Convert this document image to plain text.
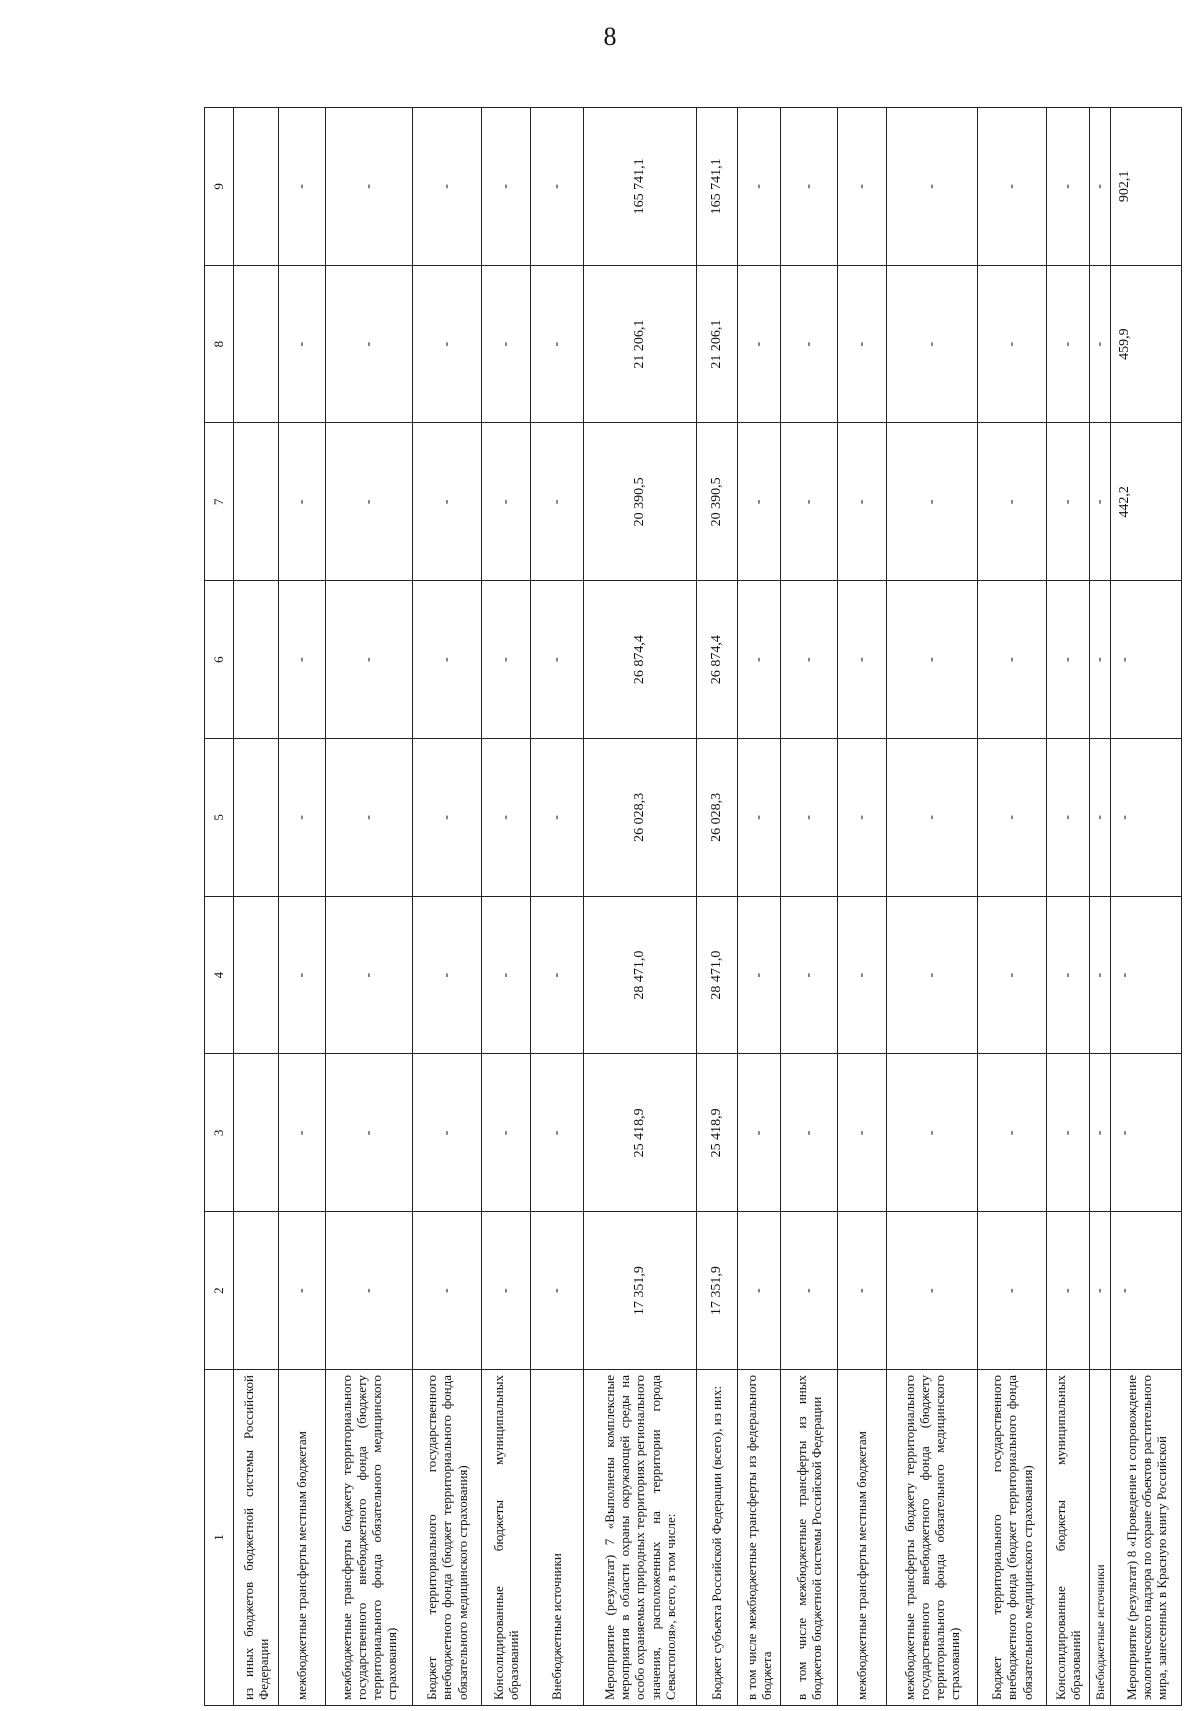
8
1	2	3	4	5	6	7	8	9
из иных бюджетов бюджетной системы Российской Федерации								
межбюджетные трансферты местным бюджетам	-	-	-	-	-	-	-	-
межбюджетные трансферты бюджету территориального государственного внебюджетного фонда (бюджету территориального фонда обязательного медицинского страхования)	-	-	-	-	-	-	-	-
Бюджет территориального государственного внебюджетного фонда (бюджет территориального фонда обязательного медицинского страхования)	-	-	-	-	-	-	-	-
Консолидированные бюджеты муниципальных образований	-	-	-	-	-	-	-	-
Внебюджетные источники	-	-	-	-	-	-	-	-
Мероприятие (результат) 7 «Выполнены комплексные мероприятия в области охраны окружающей среды на особо охраняемых природных территориях регионального значения, расположенных на территории города Севастополя», всего, в том числе:	17 351,9	25 418,9	28 471,0	26 028,3	26 874,4	20 390,5	21 206,1	165 741,1
Бюджет субъекта Российской Федерации (всего), из них:	17 351,9	25 418,9	28 471,0	26 028,3	26 874,4	20 390,5	21 206,1	165 741,1
в том числе межбюджетные трансферты из федерального бюджета	-	-	-	-	-	-	-	-
в том числе межбюджетные трансферты из иных бюджетов бюджетной системы Российской Федерации	-	-	-	-	-	-	-	-
межбюджетные трансферты местным бюджетам	-	-	-	-	-	-	-	-
межбюджетные трансферты бюджету территориального государственного внебюджетного фонда (бюджету территориального фонда обязательного медицинского страхования)	-	-	-	-	-	-	-	-
Бюджет территориального государственного внебюджетного фонда (бюджет территориального фонда обязательного медицинского страхования)	-	-	-	-	-	-	-	-
Консолидированные бюджеты муниципальных образований	-	-	-	-	-	-	-	-
Внебюджетные источники	-	-	-	-	-	-	-	-
Мероприятие (результат) 8 «Проведение и сопровождение экологического надзора по охране объектов растительного мира, занесенных в Красную книгу Российской	-	-	-	-	-	442,2	459,9	902,1
